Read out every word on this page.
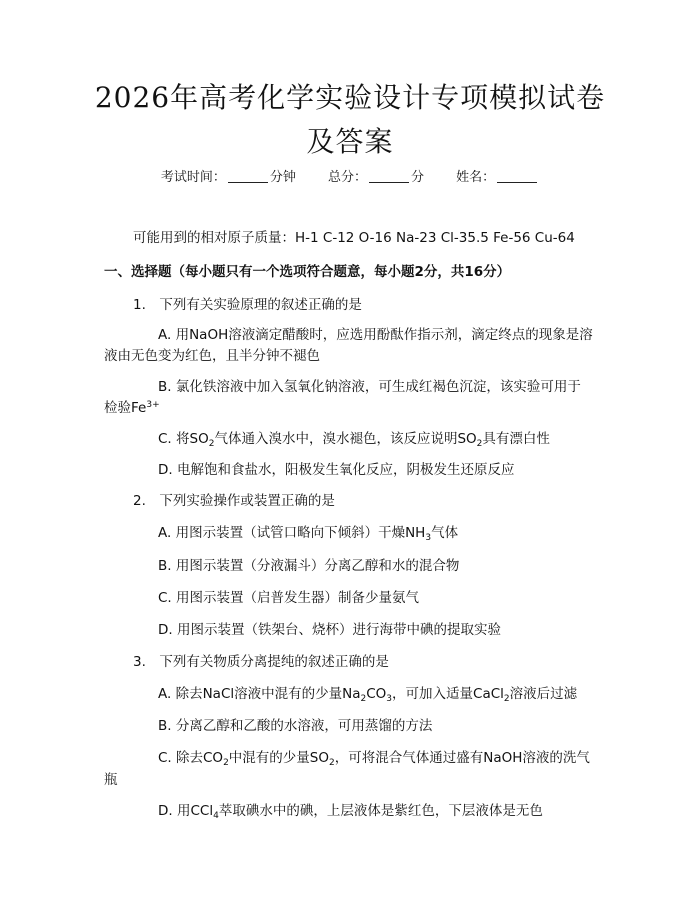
2026年高考化学实验设计专项模拟试卷及答案
考试时间：	分钟 总分：	分 姓名：
可能用到的相对原子质量：H-1 C-12 O-16 Na-23 Cl-35.5 Fe-56 Cu-64
一、选择题（每小题只有一个选项符合题意，每小题2分，共16分）
1.　下列有关实验原理的叙述正确的是
A. 用NaOH溶液滴定醋酸时，应选用酚酞作指示剂，滴定终点的现象是溶
液由无色变为红色，且半分钟不褪色
B. 氯化铁溶液中加入氢氧化钠溶液，可生成红褐色沉淀，该实验可用于
检验$Fe^{3+}$
C. 将$SO_2$气体通入溴水中，溴水褪色，该反应说明$SO_2$具有漂白性
D. 电解饱和食盐水，阳极发生氧化反应，阴极发生还原反应
2.　下列实验操作或装置正确的是
A. 用图示装置（试管口略向下倾斜）干燥$NH_3$气体
B. 用图示装置（分液漏斗）分离乙醇和水的混合物
C. 用图示装置（启普发生器）制备少量氨气
D. 用图示装置（铁架台、烧杯）进行海带中碘的提取实验
3.　下列有关物质分离提纯的叙述正确的是
A. 除去NaCl溶液中混有的少量$Na_2CO_3$，可加入适量CaCl$_2$溶液后过滤
B. 分离乙醇和乙酸的水溶液，可用蒸馏的方法
C. 除去$CO_2$中混有的少量$SO_2$，可将混合气体通过盛有NaOH溶液的洗气
瓶
D. 用CCl$_4$萃取碘水中的碘，上层液体是紫红色，下层液体是无色
